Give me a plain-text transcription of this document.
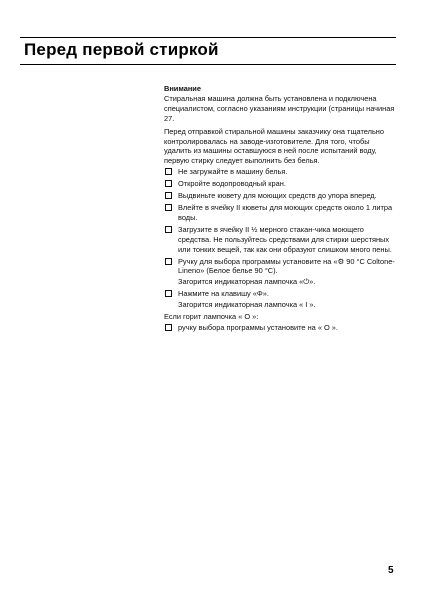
Перед первой стиркой

Внимание

Стиральная машина должна быть установлена и подключена специалистом, согласно указаниям инструкции (страницы начиная 27.

Перед отправкой стиральной машины заказчику она тщательно контролировалась на заводе-изготовителе. Для того, чтобы удалить из машины оставшуюся в ней после испытаний воду, первую стирку следует выполнить без белья.

Не загружайте в машину белья.
Откройте водопроводный кран.
Выдвиньте кювету для моющих средств до упора вперед.
Влейте в ячейку II кюветы для моющих средств около 1 литра воды.
Загрузите в ячейку II ½ мерного стакан-чика моющего средства. Не пользуйтесь средствами для стирки шерстяных или тонких вещей, так как они образуют слишком много пены.
Ручку для выбора программы установите на «⚙ 90 °C Coltone-Lineno» (Белое белье 90 °C).
Загорится индикаторная лампочка «⏻».
Нажмите на клавишу «Φ».
Загорится индикаторная лампочка « I ».

Если горит лампочка « O »:

ручку выбора программы установите на « O ».
5
